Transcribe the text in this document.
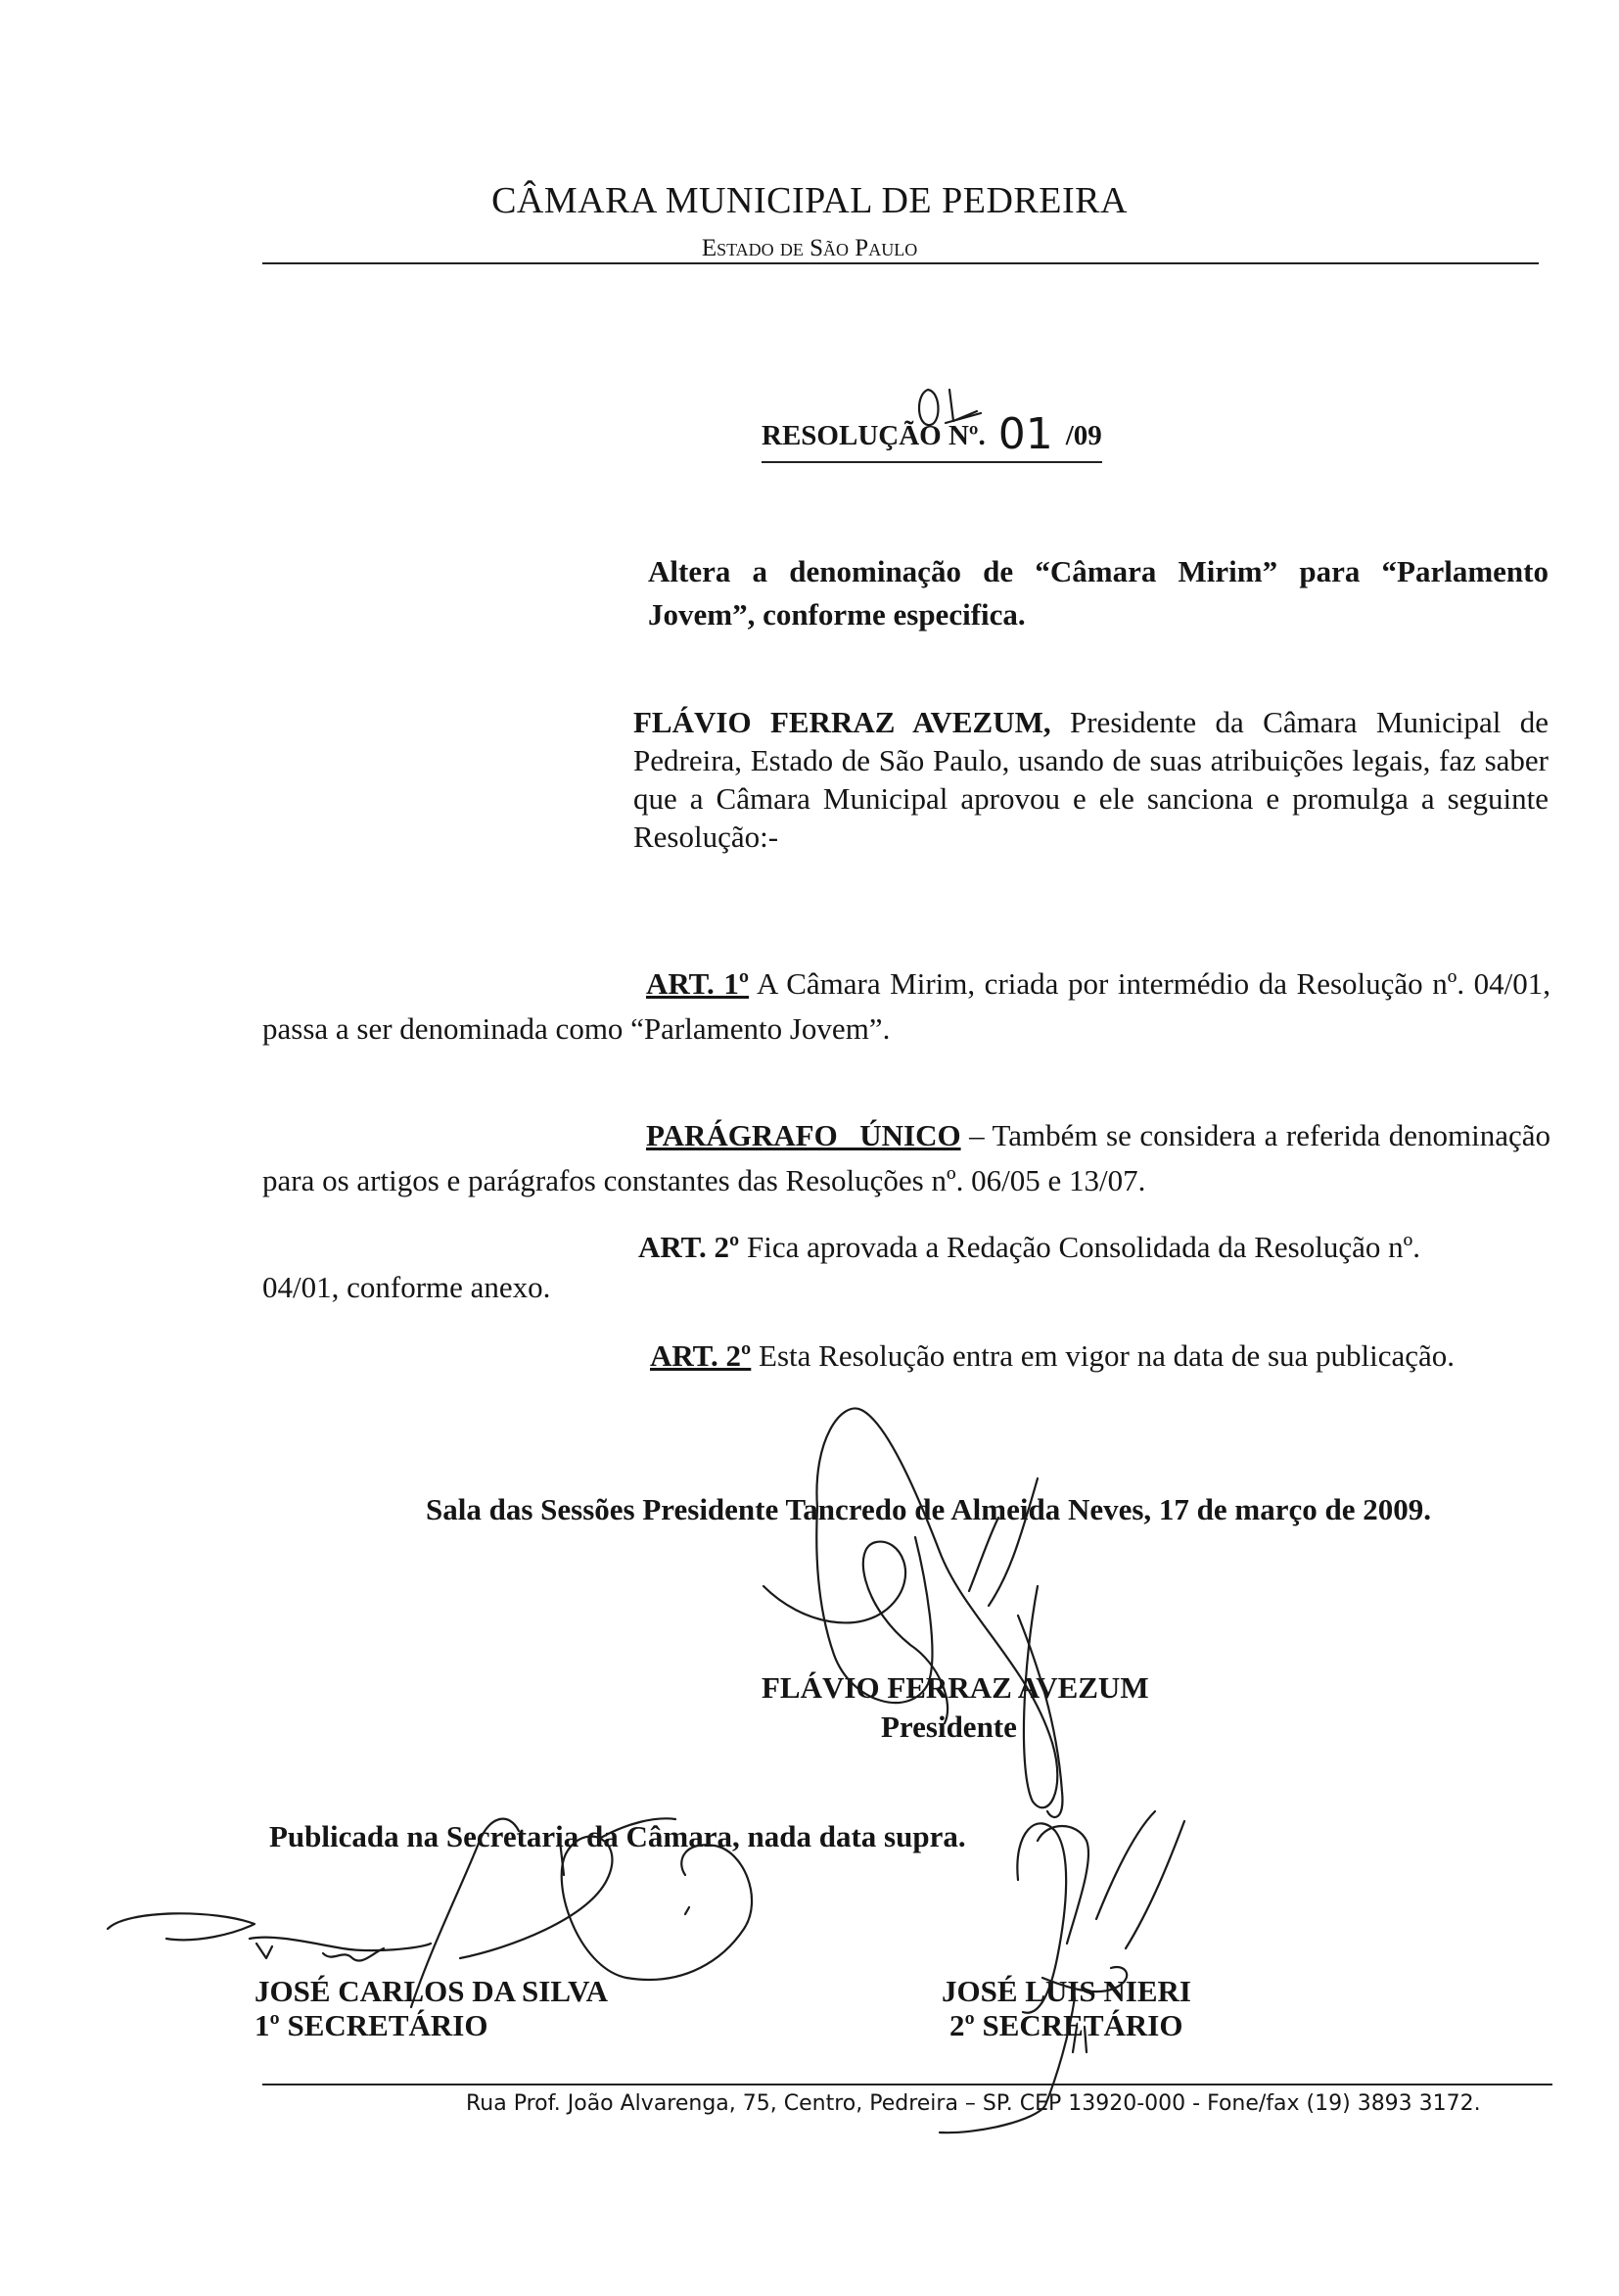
CÂMARA MUNICIPAL DE PEDREIRA
Estado de São Paulo
RESOLUÇÃO Nº. 01 /09
Altera a denominação de “Câmara Mirim” para “Parlamento Jovem”, conforme especifica.
FLÁVIO FERRAZ AVEZUM, Presidente da Câmara Municipal de Pedreira, Estado de São Paulo, usando de suas atribuições legais, faz saber que a Câmara Municipal aprovou e ele sanciona e promulga a seguinte Resolução:-
ART. 1º A Câmara Mirim, criada por intermédio da Resolução nº. 04/01, passa a ser denominada como “Parlamento Jovem”.
PARÁGRAFO ÚNICO – Também se considera a referida denominação para os artigos e parágrafos constantes das Resoluções nº. 06/05 e 13/07.
ART. 2º Fica aprovada a Redação Consolidada da Resolução nº.
04/01, conforme anexo.
ART. 2º Esta Resolução entra em vigor na data de sua publicação.
Sala das Sessões Presidente Tancredo de Almeida Neves, 17 de março de 2009.
FLÁVIO FERRAZ AVEZUM
Presidente
Publicada na Secretaria da Câmara, nada data supra.
JOSÉ CARLOS DA SILVA
1º SECRETÁRIO
JOSÉ LUIS NIERI
2º SECRETÁRIO
Rua Prof. João Alvarenga, 75, Centro, Pedreira – SP. CEP 13920-000 - Fone/fax (19) 3893 3172.
